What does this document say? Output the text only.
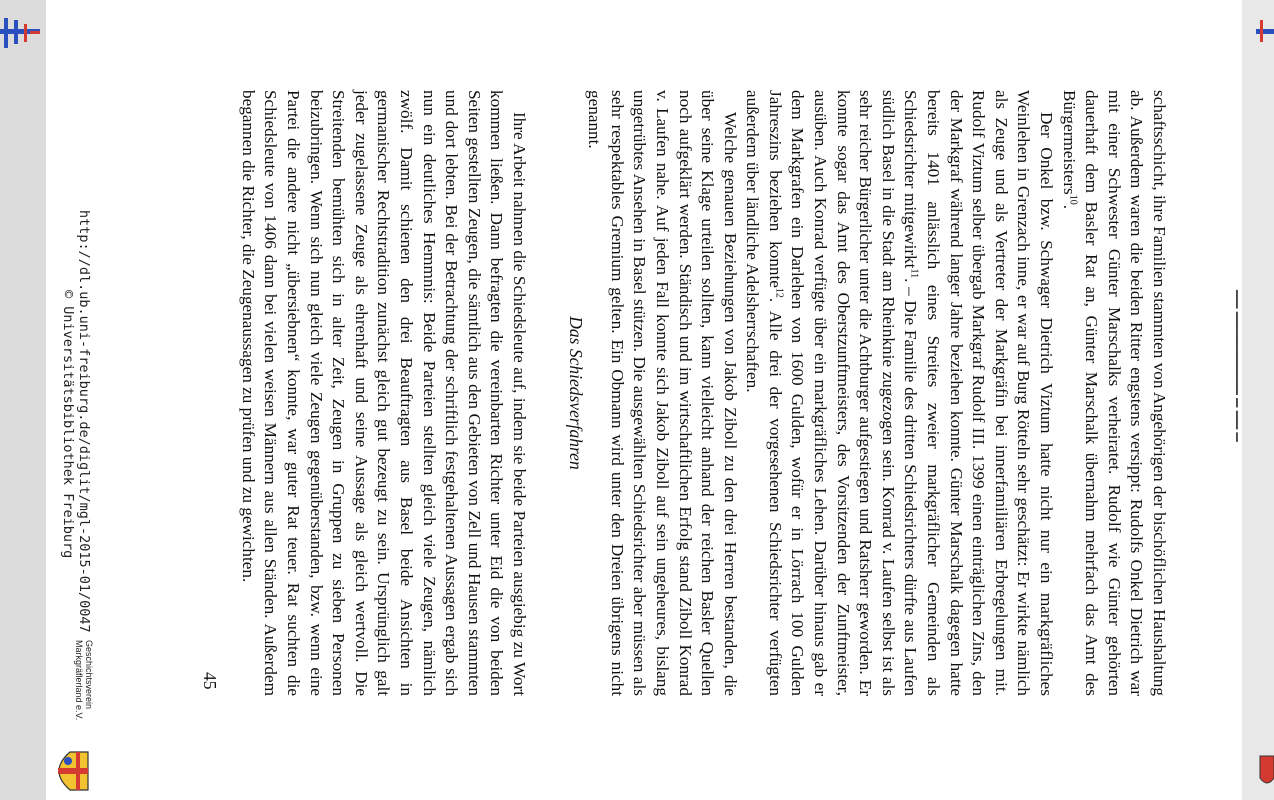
▁▁ ▁▁▁▁▁▁▁▁▁ ▁ ▁▁ ▁

schaftsschicht, ihre Familien stammten von Angehörigen der bischöflichen Haushaltung ab. Außerdem waren die beiden Ritter engstens versippt: Rudolfs Onkel Dietrich war mit einer Schwester Günter Marschalks verheiratet. Rudolf wie Günter gehörten dauerhaft dem Basler Rat an, Günter Marschalk übernahm mehrfach das Amt des Bürgermeisters$^{10}$.

Der Onkel bzw. Schwager Dietrich Viztum hatte nicht nur ein markgräfliches Weinlehen in Grenzach inne, er war auf Burg Rötteln sehr geschätzt: Er wirkte nämlich als Zeuge und als Vertreter der Markgräfin bei innerfamiliären Erbregelungen mit. Rudolf Viztum selber übergab Markgraf Rudolf III. 1399 einen einträglichen Zins, den der Markgraf während langer Jahre beziehen konnte. Günter Marschalk dagegen hatte bereits 1401 anlässlich eines Streites zweier markgräflicher Gemeinden als Schiedsrichter mitgewirkt$^{11}$. – Die Familie des dritten Schiedsrichters dürfte aus Laufen südlich Basel in die Stadt am Rheinknie zugezogen sein. Konrad v. Laufen selbst ist als sehr reicher Bürgerlicher unter die Achtburger aufgestiegen und Ratsherr geworden. Er konnte sogar das Amt des Oberstzunftmeisters, des Vorsitzenden der Zunftmeister, ausüben. Auch Konrad verfügte über ein markgräfliches Lehen. Darüber hinaus gab er dem Markgrafen ein Darlehen von 1600 Gulden, wofür er in Lörrach 100 Gulden Jahreszins beziehen konnte$^{12}$. Alle drei der vorgesehenen Schiedsrichter verfügten außerdem über ländliche Adelsherrschaften.

Welche genauen Beziehungen von Jakob Ziboll zu den drei Herren bestanden, die über seine Klage urteilen sollten, kann vielleicht anhand der reichen Basler Quellen noch aufgeklärt werden. Ständisch und im wirtschaftlichen Erfolg stand Ziboll Konrad v. Laufen nahe. Auf jeden Fall konnte sich Jakob Ziboll auf sein ungeheures, bislang ungetrübtes Ansehen in Basel stützen. Die ausgewählten Schiedsrichter aber müssen als sehr respektables Gremium gelten. Ein Obmann wird unter den Dreien übrigens nicht genannt.

Das Schiedsverfahren

Ihre Arbeit nahmen die Schiedsleute auf, indem sie beide Parteien ausgiebig zu Wort kommen ließen. Dann befragten die vereinbarten Richter unter Eid die von beiden Seiten gestellten Zeugen, die sämtlich aus den Gebieten von Zell und Hausen stammten und dort lebten. Bei der Betrachtung der schriftlich festgehaltenen Aussagen ergab sich nun ein deutliches Hemmnis: Beide Parteien stellten gleich viele Zeugen, nämlich zwölf. Damit schienen den drei Beauftragten aus Basel beide Ansichten in germanischer Rechtstradition zunächst gleich gut bezeugt zu sein. Ursprünglich galt jeder zugelassene Zeuge als ehrenhaft und seine Aussage als gleich wertvoll. Die Streitenden bemühten sich in alter Zeit, Zeugen in Gruppen zu sieben Personen beizubringen. Wenn sich nun gleich viele Zeugen gegenüberstanden, bzw. wenn eine Partei die andere nicht „übersiebnen“ konnte, war guter Rat teuer. Rat suchten die Schiedsleute von 1406 dann bei vielen weisen Männern aus allen Ständen. Außerdem begannen die Richter, die Zeugenaussagen zu prüfen und zu gewichten.

45
http://dl.ub.uni-freiburg.de/diglit/mgl-2015-01/0047
© Universitätsbibliothek Freiburg
Geschichtsverein
Markgräflerland e.V.
